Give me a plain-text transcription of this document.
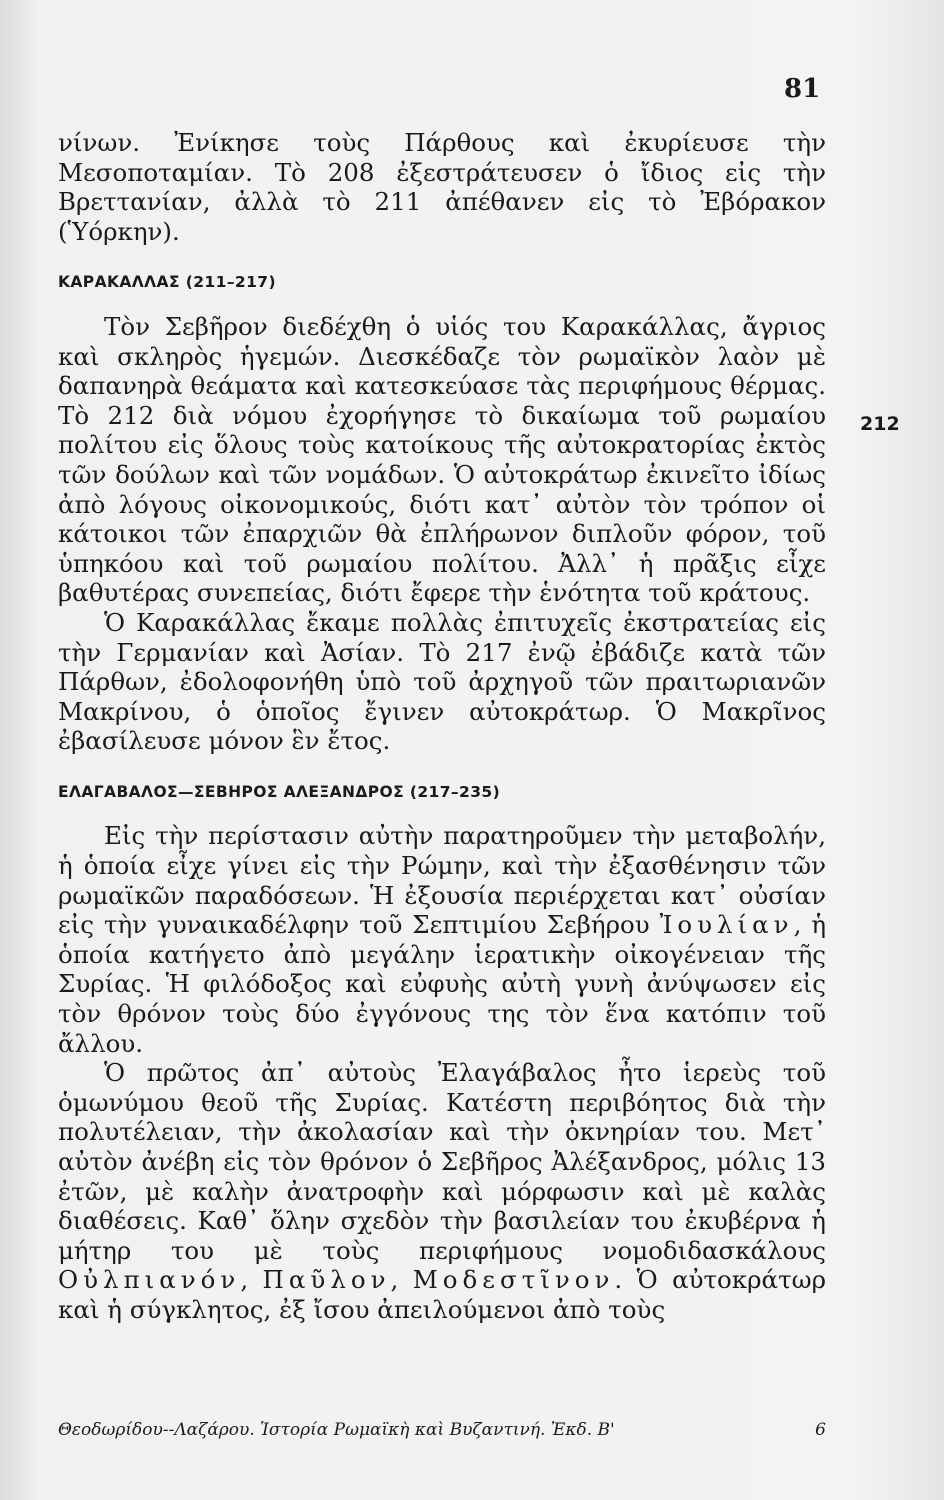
81
212

νίνων. Ἐνίκησε τοὺς Πάρθους καὶ ἐκυρίευσε τὴν Μεσοποταμίαν. Τὸ 208 ἐξεστράτευσεν ὁ ἴδιος εἰς τὴν Βρεττανίαν, ἀλλὰ τὸ 211 ἀπέθανεν εἰς τὸ Ἐβόρακον (Ὑόρκην).

ΚΑΡΑΚΑΛΛΑΣ (211–217)

Τὸν Σεβῆρον διεδέχθη ὁ υἱός του Καρακάλλας, ἄγριος καὶ σκληρὸς ἡγεμών. Διεσκέδαζε τὸν ρωμαϊκὸν λαὸν μὲ δαπανηρὰ θεάματα καὶ κατεσκεύασε τὰς περιφήμους θέρμας. Τὸ 212 διὰ νόμου ἐχορήγησε τὸ δικαίωμα τοῦ ρωμαίου πολίτου εἰς ὅλους τοὺς κατοίκους τῆς αὐτοκρατορίας ἐκτὸς τῶν δούλων καὶ τῶν νομάδων. Ὁ αὐτοκράτωρ ἐκινεῖτο ἰδίως ἀπὸ λόγους οἰκονομικούς, διότι κατ᾽ αὐτὸν τὸν τρόπον οἱ κάτοικοι τῶν ἐπαρχιῶν θὰ ἐπλήρωνον διπλοῦν φόρον, τοῦ ὑπηκόου καὶ τοῦ ρωμαίου πολίτου. Ἀλλ᾽ ἡ πρᾶξις εἶχε βαθυτέρας συνεπείας, διότι ἔφερε τὴν ἑνότητα τοῦ κράτους.

Ὁ Καρακάλλας ἔκαμε πολλὰς ἐπιτυχεῖς ἐκστρατείας εἰς τὴν Γερμανίαν καὶ Ἀσίαν. Τὸ 217 ἐνῷ ἐβάδιζε κατὰ τῶν Πάρθων, ἐδολοφονήθη ὑπὸ τοῦ ἀρχηγοῦ τῶν πραιτωριανῶν Μακρίνου, ὁ ὁποῖος ἔγινεν αὐτοκράτωρ. Ὁ Μακρῖνος ἐβασίλευσε μόνον ἓν ἔτος.

ΕΛΑΓΑΒΑΛΟΣ—ΣΕΒΗΡΟΣ ΑΛΕΞΑΝΔΡΟΣ (217–235)

Εἰς τὴν περίστασιν αὐτὴν παρατηροῦμεν τὴν μεταβολήν, ἡ ὁποία εἶχε γίνει εἰς τὴν Ρώμην, καὶ τὴν ἐξασθένησιν τῶν ρωμαϊκῶν παραδόσεων. Ἡ ἐξουσία περιέρχεται κατ᾽ οὐσίαν εἰς τὴν γυναικαδέλφην τοῦ Σεπτιμίου Σεβήρου Ἰουλίαν, ἡ ὁποία κατήγετο ἀπὸ μεγάλην ἱερατικὴν οἰκογένειαν τῆς Συρίας. Ἡ φιλόδοξος καὶ εὐφυὴς αὐτὴ γυνὴ ἀνύψωσεν εἰς τὸν θρόνον τοὺς δύο ἐγγόνους της τὸν ἕνα κατόπιν τοῦ ἄλλου.

Ὁ πρῶτος ἀπ᾽ αὐτοὺς Ἐλαγάβαλος ἦτο ἱερεὺς τοῦ ὁμωνύμου θεοῦ τῆς Συρίας. Κατέστη περιβόητος διὰ τὴν πολυτέλειαν, τὴν ἀκολασίαν καὶ τὴν ὀκνηρίαν του. Μετ᾽ αὐτὸν ἀνέβη εἰς τὸν θρόνον ὁ Σεβῆρος Ἀλέξανδρος, μόλις 13 ἐτῶν, μὲ καλὴν ἀνατροφὴν καὶ μόρφωσιν καὶ μὲ καλὰς διαθέσεις. Καθ᾽ ὅλην σχεδὸν τὴν βασιλείαν του ἐκυβέρνα ἡ μήτηρ του μὲ τοὺς περιφήμους νομοδιδασκάλους Οὐλπιανόν, Παῦλον, Μοδεστῖνον. Ὁ αὐτοκράτωρ καὶ ἡ σύγκλητος, ἐξ ἴσου ἀπειλούμενοι ἀπὸ τοὺς

Θεοδωρίδου--Λαζάρου. Ἱστορία Ρωμαϊκὴ καὶ Βυζαντινή. Ἐκδ. Β'	6
